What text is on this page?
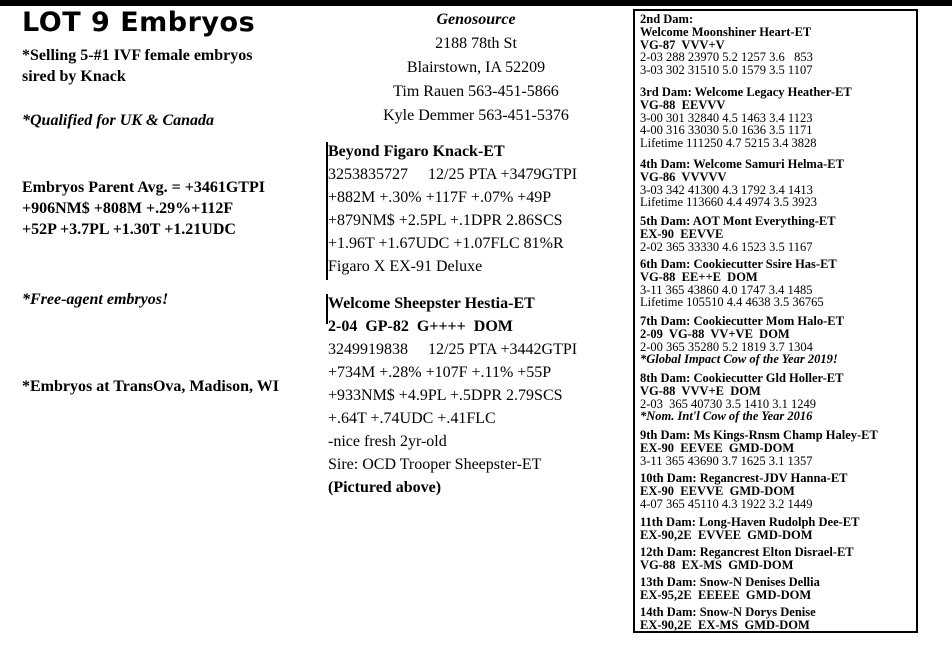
LOT 9 Embryos
*Selling 5-#1 IVF female embryos
sired by Knack
*Qualified for UK & Canada
Embryos Parent Avg. = +3461GTPI
+906NM$ +808M +.29%+112F
+52P +3.7PL +1.30T +1.21UDC
*Free-agent embryos!
*Embryos at TransOva, Madison, WI
Genosource
2188 78th St
Blairstown, IA 52209
Tim Rauen 563-451-5866
Kyle Demmer 563-451-5376
Beyond Figaro Knack-ET
3253835727     12/25 PTA +3479GTPI
+882M +.30% +117F +.07% +49P
+879NM$ +2.5PL +.1DPR 2.86SCS
+1.96T +1.67UDC +1.07FLC 81%R
Figaro X EX-91 Deluxe
Welcome Sheepster Hestia-ET
2-04  GP-82  G++++  DOM
3249919838     12/25 PTA +3442GTPI
+734M +.28% +107F +.11% +55P
+933NM$ +4.9PL +.5DPR 2.79SCS
+.64T +.74UDC +.41FLC
-nice fresh 2yr-old
Sire: OCD Trooper Sheepster-ET
(Pictured above)
2nd Dam:
Welcome Moonshiner Heart-ET
VG-87  VVV+V
2-03 288 23970 5.2 1257 3.6   853
3-03 302 31510 5.0 1579 3.5 1107
3rd Dam: Welcome Legacy Heather-ET
VG-88  EEVVV
3-00 301 32840 4.5 1463 3.4 1123
4-00 316 33030 5.0 1636 3.5 1171
Lifetime 111250 4.7 5215 3.4 3828
4th Dam: Welcome Samuri Helma-ET
VG-86  VVVVV
3-03 342 41300 4.3 1792 3.4 1413
Lifetime 113660 4.4 4974 3.5 3923
5th Dam: AOT Mont Everything-ET
EX-90  EEVVE
2-02 365 33330 4.6 1523 3.5 1167
6th Dam: Cookiecutter Ssire Has-ET
VG-88  EE++E  DOM
3-11 365 43860 4.0 1747 3.4 1485
Lifetime 105510 4.4 4638 3.5 36765
7th Dam: Cookiecutter Mom Halo-ET
2-09  VG-88  VV+VE  DOM
2-00 365 35280 5.2 1819 3.7 1304
*Global Impact Cow of the Year 2019!
8th Dam: Cookiecutter Gld Holler-ET
VG-88  VVV+E  DOM
2-03  365 40730 3.5 1410 3.1 1249
*Nom. Int'l Cow of the Year 2016
9th Dam: Ms Kings-Rnsm Champ Haley-ET
EX-90  EEVEE  GMD-DOM
3-11 365 43690 3.7 1625 3.1 1357
10th Dam: Regancrest-JDV Hanna-ET
EX-90  EEVVE  GMD-DOM
4-07 365 45110 4.3 1922 3.2 1449
11th Dam: Long-Haven Rudolph Dee-ET
EX-90,2E  EVVEE  GMD-DOM
12th Dam: Regancrest Elton Disrael-ET
VG-88  EX-MS  GMD-DOM
13th Dam: Snow-N Denises Dellia
EX-95,2E  EEEEE  GMD-DOM
14th Dam: Snow-N Dorys Denise
EX-90,2E  EX-MS  GMD-DOM
